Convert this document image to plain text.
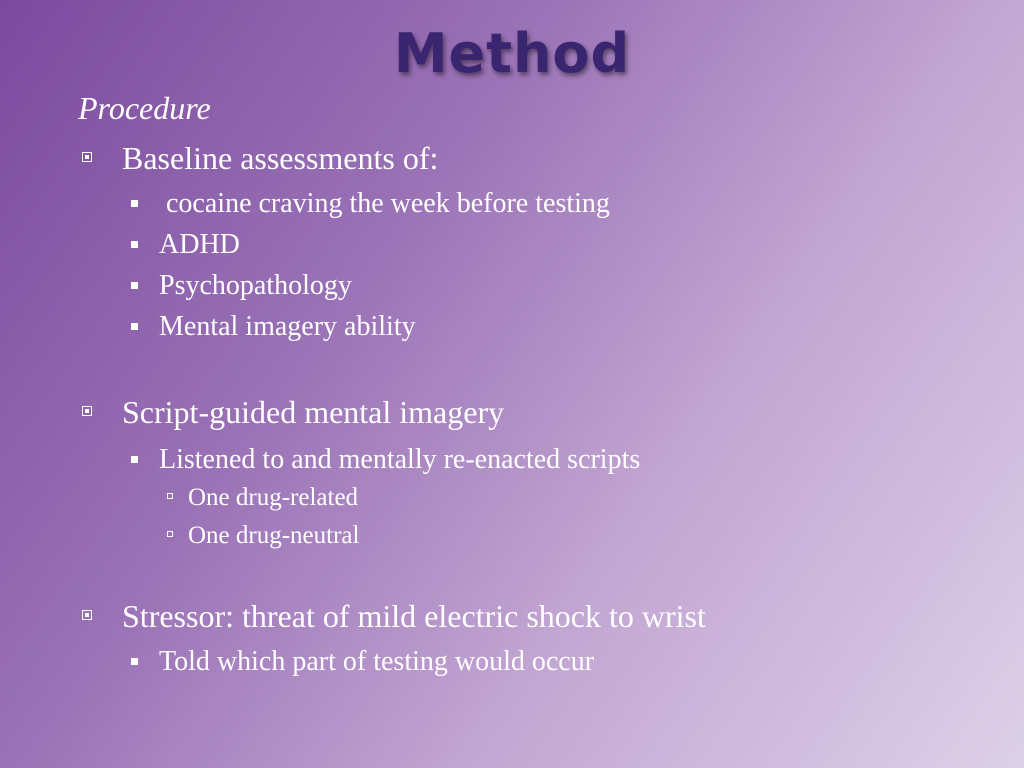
Method
Procedure
Baseline assessments of:
cocaine craving the week before testing
ADHD
Psychopathology
Mental imagery ability
Script-guided mental imagery
Listened to and mentally re-enacted scripts
One drug-related
One drug-neutral
Stressor: threat of mild electric shock to wrist
Told which part of testing would occur
